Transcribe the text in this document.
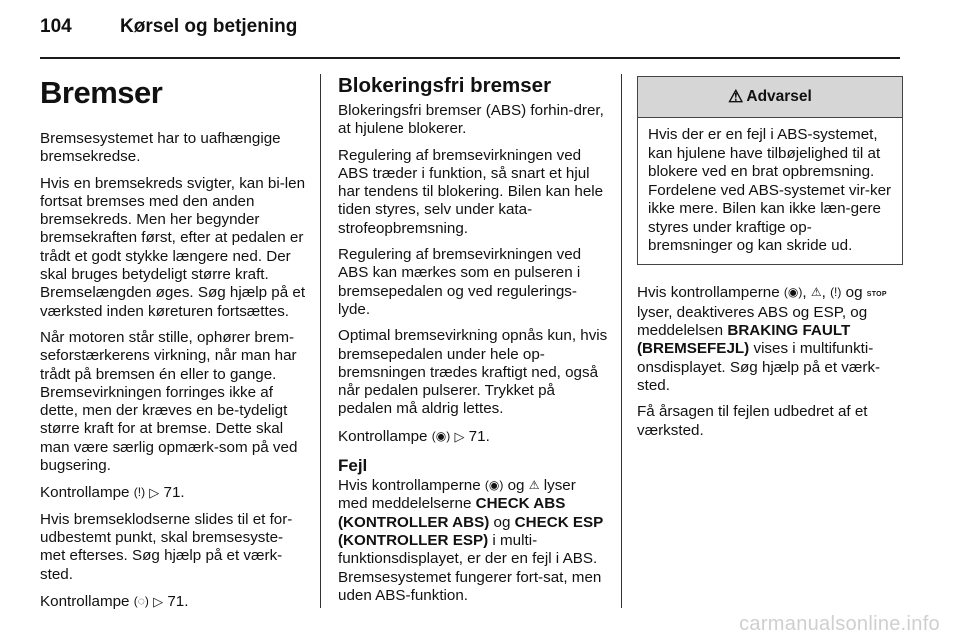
104	Kørsel og betjening
Bremser

Bremsesystemet har to uafhængige bremsekredse.

Hvis en bremsekreds svigter, kan bi-len fortsat bremses med den anden bremsekreds. Men her begynder bremsekraften først, efter at pedalen er trådt et godt stykke længere ned. Der skal bruges betydeligt større kraft. Bremselængden øges. Søg hjælp på et værksted inden køreturen fortsættes.

Når motoren står stille, ophører brem-seforstærkerens virkning, når man har trådt på bremsen én eller to gange. Bremsevirkningen forringes ikke af dette, men der kræves en be-tydeligt større kraft for at bremse. Dette skal man være særlig opmærk-som på ved bugsering.

Kontrollampe (!) ▷ 71.

Hvis bremseklodserne slides til et for-udbestemt punkt, skal bremsesyste-met efterses. Søg hjælp på et værk-sted.

Kontrollampe (◌) ▷ 71.

Blokeringsfri bremser

Blokeringsfri bremser (ABS) forhin-drer, at hjulene blokerer.

Regulering af bremsevirkningen ved ABS træder i funktion, så snart et hjul har tendens til blokering. Bilen kan hele tiden styres, selv under kata-strofeopbremsning.

Regulering af bremsevirkningen ved ABS kan mærkes som en pulseren i bremsepedalen og ved regulerings-lyde.

Optimal bremsevirkning opnås kun, hvis bremsepedalen under hele op-bremsningen trædes kraftigt ned, også når pedalen pulserer. Trykket på pedalen må aldrig lettes.

Kontrollampe (◉) ▷ 71.

Fejl

Hvis kontrollamperne (◉) og ⚠ lyser med meddelelserne CHECK ABS (KONTROLLER ABS) og CHECK ESP (KONTROLLER ESP) i multi-funktionsdisplayet, er der en fejl i ABS. Bremsesystemet fungerer fort-sat, men uden ABS-funktion.

⚠ Advarsel
Hvis der er en fejl i ABS-systemet, kan hjulene have tilbøjelighed til at blokere ved en brat opbremsning. Fordelene ved ABS-systemet vir-ker ikke mere. Bilen kan ikke læn-gere styres under kraftige op-bremsninger og kan skride ud.

Hvis kontrollamperne (◉), ⚠, (!) og STOP lyser, deaktiveres ABS og ESP, og meddelelsen BRAKING FAULT (BREMSEFEJL) vises i multifunkti-onsdisplayet. Søg hjælp på et værk-sted.

Få årsagen til fejlen udbedret af et værksted.

carmanualsonline.info
